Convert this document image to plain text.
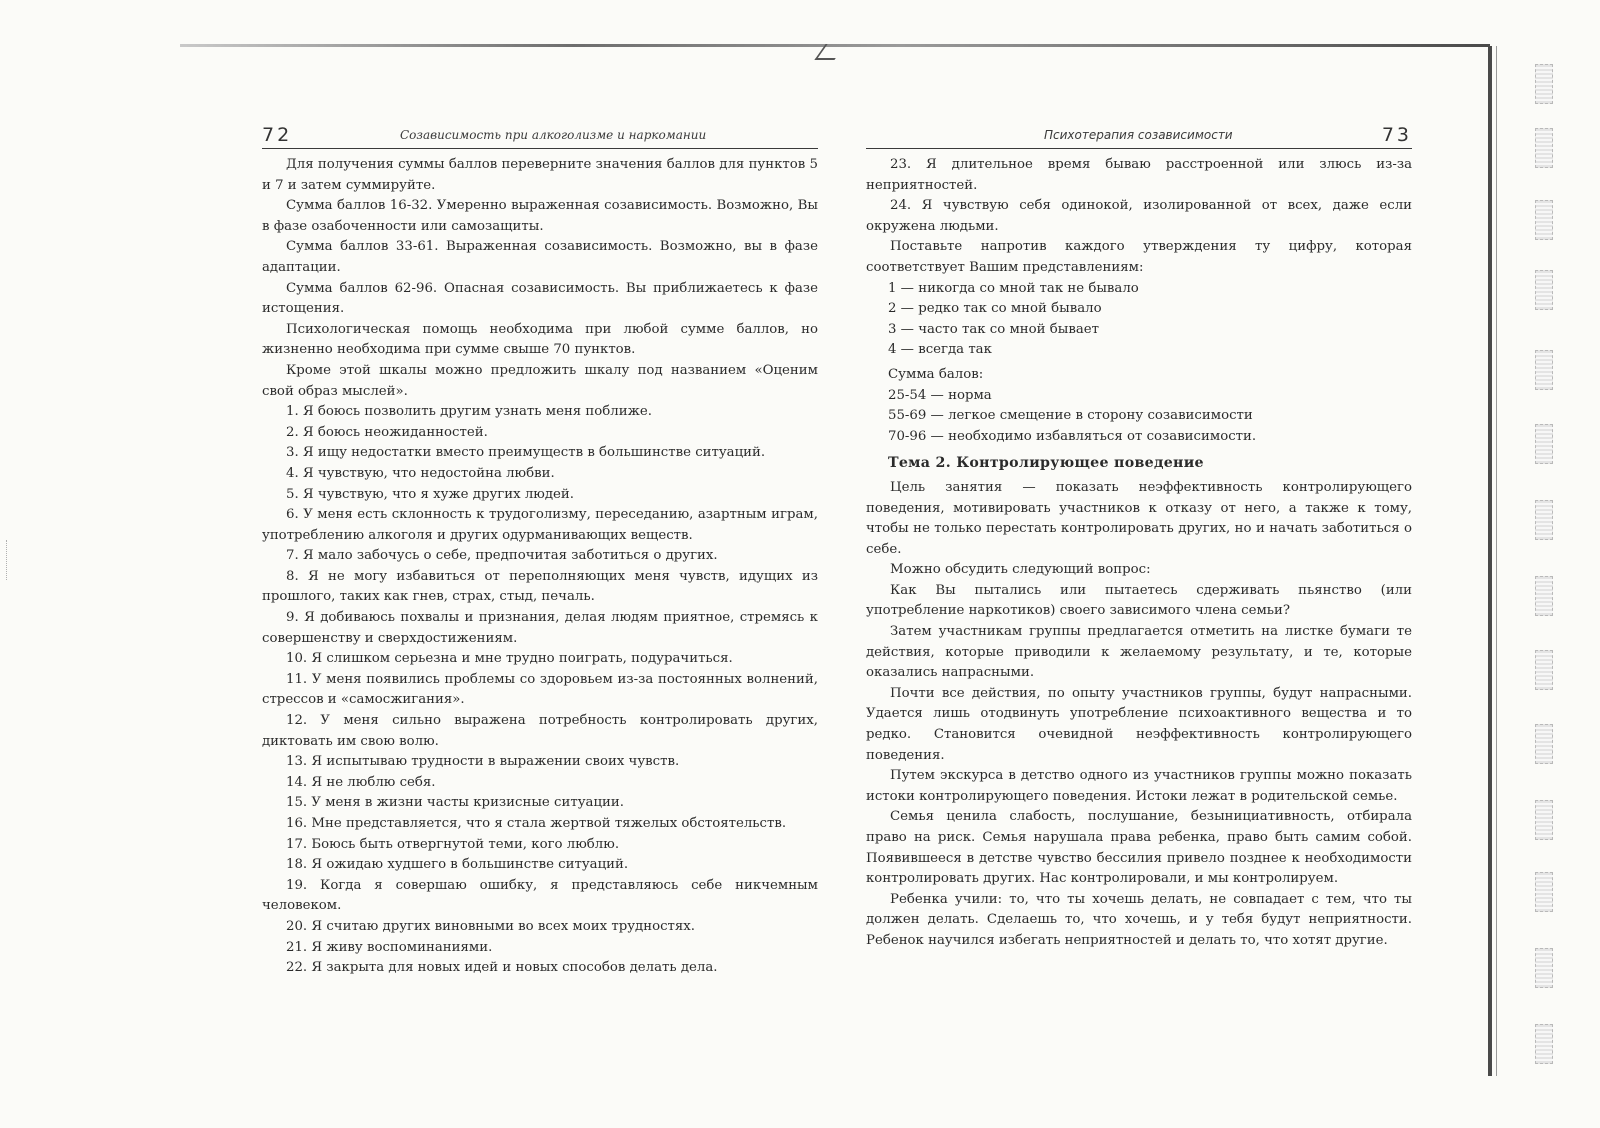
72	Созависимость при алкоголизме и наркомании

Для получения суммы баллов переверните значения баллов для пунктов 5 и 7 и затем суммируйте.

Сумма баллов 16-32. Умеренно выраженная созависимость. Возможно, Вы в фазе озабоченности или самозащиты.

Сумма баллов 33-61. Выраженная созависимость. Возможно, вы в фазе адаптации.

Сумма баллов 62-96. Опасная созависимость. Вы приближаетесь к фазе истощения.

Психологическая помощь необходима при любой сумме баллов, но жизненно необходима при сумме свыше 70 пунктов.

Кроме этой шкалы можно предложить шкалу под названием «Оценим свой образ мыслей».

1. Я боюсь позволить другим узнать меня поближе.

2. Я боюсь неожиданностей.

3. Я ищу недостатки вместо преимуществ в большинстве ситуаций.

4. Я чувствую, что недостойна любви.

5. Я чувствую, что я хуже других людей.

6. У меня есть склонность к трудоголизму, переседанию, азартным играм, употреблению алкоголя и других одурманивающих веществ.

7. Я мало забочусь о себе, предпочитая заботиться о других.

8. Я не могу избавиться от переполняющих меня чувств, идущих из прошлого, таких как гнев, страх, стыд, печаль.

9. Я добиваюсь похвалы и признания, делая людям приятное, стремясь к совершенству и сверхдостижениям.

10. Я слишком серьезна и мне трудно поиграть, подурачиться.

11. У меня появились проблемы со здоровьем из-за постоянных волнений, стрессов и «самосжигания».

12. У меня сильно выражена потребность контролировать других, диктовать им свою волю.

13. Я испытываю трудности в выражении своих чувств.

14. Я не люблю себя.

15. У меня в жизни часты кризисные ситуации.

16. Мне представляется, что я стала жертвой тяжелых обстоятельств.

17. Боюсь быть отвергнутой теми, кого люблю.

18. Я ожидаю худшего в большинстве ситуаций.

19. Когда я совершаю ошибку, я представляюсь себе никчемным человеком.

20. Я считаю других виновными во всех моих трудностях.

21. Я живу воспоминаниями.

22. Я закрыта для новых идей и новых способов делать дела.

Психотерапия созависимости	73

23. Я длительное время бываю расстроенной или злюсь из-за неприятностей.

24. Я чувствую себя одинокой, изолированной от всех, даже если окружена людьми.

Поставьте напротив каждого утверждения ту цифру, которая соответствует Вашим представлениям:

1 — никогда со мной так не бывало

2 — редко так со мной бывало

3 — часто так со мной бывает

4 — всегда так

Сумма балов:

25-54 — норма

55-69 — легкое смещение в сторону созависимости

70-96 — необходимо избавляться от созависимости.

Тема 2. Контролирующее поведение

Цель занятия — показать неэффективность контролирующего поведения, мотивировать участников к отказу от него, а также к тому, чтобы не только перестать контролировать других, но и начать заботиться о себе.

Можно обсудить следующий вопрос:

Как Вы пытались или пытаетесь сдерживать пьянство (или употребление наркотиков) своего зависимого члена семьи?

Затем участникам группы предлагается отметить на листке бумаги те действия, которые приводили к желаемому результату, и те, которые оказались напрасными.

Почти все действия, по опыту участников группы, будут напрасными. Удается лишь отодвинуть употребление психоактивного вещества и то редко. Становится очевидной неэффективность контролирующего поведения.

Путем экскурса в детство одного из участников группы можно показать истоки контролирующего поведения. Истоки лежат в родительской семье.

Семья ценила слабость, послушание, безынициативность, отбирала право на риск. Семья нарушала права ребенка, право быть самим собой. Появившееся в детстве чувство бессилия привело позднее к необходимости контролировать других. Нас контролировали, и мы контролируем.

Ребенка учили: то, что ты хочешь делать, не совпадает с тем, что ты должен делать. Сделаешь то, что хочешь, и у тебя будут неприятности. Ребенок научился избегать неприятностей и делать то, что хотят другие.
